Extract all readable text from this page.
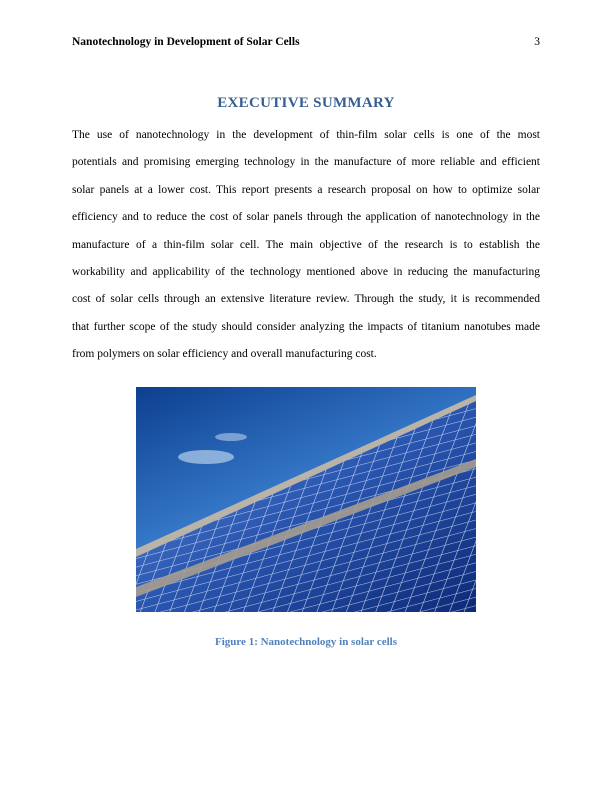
Nanotechnology in Development of Solar Cells	3
EXECUTIVE SUMMARY
The use of nanotechnology in the development of thin-film solar cells is one of the most
potentials and promising emerging technology in the manufacture of more reliable and efficient
solar panels at a lower cost. This report presents a research proposal on how to optimize solar
efficiency and to reduce the cost of solar panels through the application of nanotechnology in the
manufacture of a thin-film solar cell. The main objective of the research is to establish the
workability and applicability of the technology mentioned above in reducing the manufacturing
cost of solar cells through an extensive literature review. Through the study, it is recommended
that further scope of the study should consider analyzing the impacts of titanium nanotubes made
from polymers on solar efficiency and overall manufacturing cost.
Figure 1: Nanotechnology in solar cells
